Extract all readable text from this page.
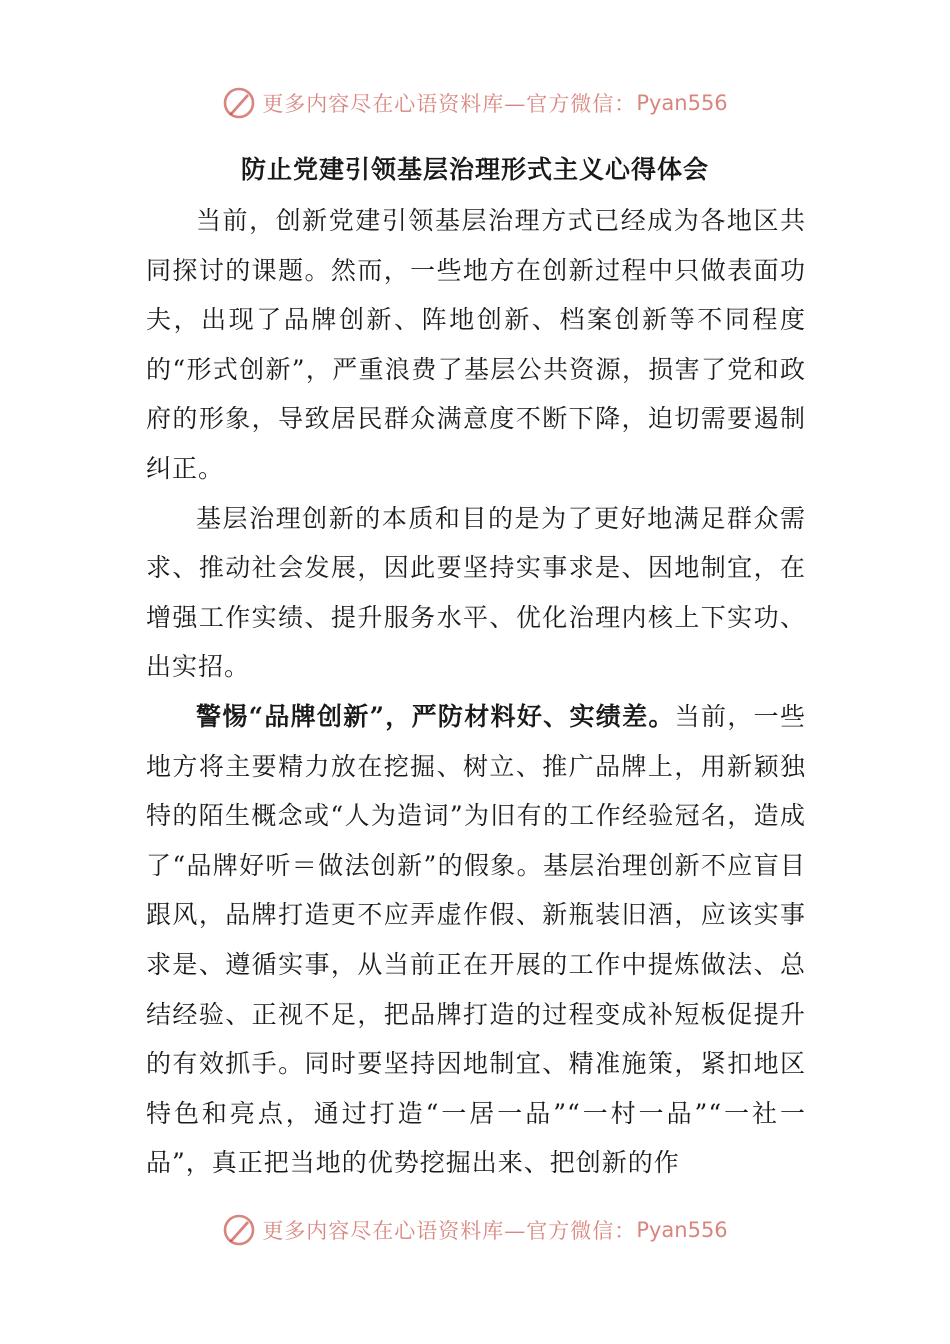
更多内容尽在心语资料库—官方微信： Pyan556
防止党建引领基层治理形式主义心得体会

当前，创新党建引领基层治理方式已经成为各地区共同探讨的课题。然而，一些地方在创新过程中只做表面功夫，出现了品牌创新、阵地创新、档案创新等不同程度的“形式创新”，严重浪费了基层公共资源，损害了党和政府的形象，导致居民群众满意度不断下降，迫切需要遏制纠正。

基层治理创新的本质和目的是为了更好地满足群众需求、推动社会发展，因此要坚持实事求是、因地制宜，在增强工作实绩、提升服务水平、优化治理内核上下实功、出实招。

警惕“品牌创新”，严防材料好、实绩差。当前，一些地方将主要精力放在挖掘、树立、推广品牌上，用新颖独特的陌生概念或“人为造词”为旧有的工作经验冠名，造成了“品牌好听＝做法创新”的假象。基层治理创新不应盲目跟风，品牌打造更不应弄虚作假、新瓶装旧酒，应该实事求是、遵循实事，从当前正在开展的工作中提炼做法、总结经验、正视不足，把品牌打造的过程变成补短板促提升的有效抓手。同时要坚持因地制宜、精准施策，紧扣地区特色和亮点，通过打造“一居一品”“一村一品”“一社一品”，真正把当地的优势挖掘出来、把创新的作

更多内容尽在心语资料库—官方微信： Pyan556
